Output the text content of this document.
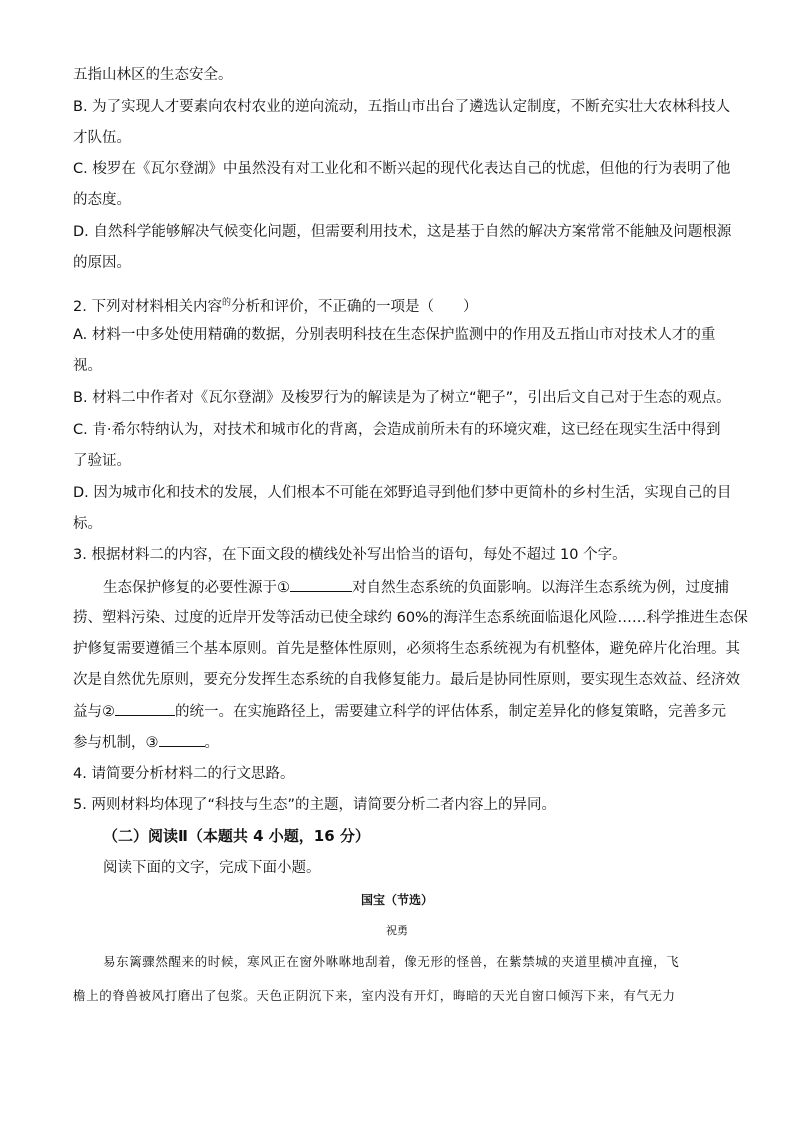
五指山林区的生态安全。
B. 为了实现人才要素向农村农业的逆向流动，五指山市出台了遴选认定制度，不断充实壮大农林科技人
才队伍。
C. 梭罗在《瓦尔登湖》中虽然没有对工业化和不断兴起的现代化表达自己的忧虑，但他的行为表明了他
的态度。
D. 自然科学能够解决气候变化问题，但需要利用技术，这是基于自然的解决方案常常不能触及问题根源
的原因。
2. 下列对材料相关内容$^的$分析和评价，不正确的一项是（　　）
A. 材料一中多处使用精确的数据，分别表明科技在生态保护监测中的作用及五指山市对技术人才的重
视。
B. 材料二中作者对《瓦尔登湖》及梭罗行为的解读是为了树立“靶子”，引出后文自己对于生态的观点。
C. 肯·希尔特纳认为，对技术和城市化的背离，会造成前所未有的环境灾难，这已经在现实生活中得到
了验证。
D. 因为城市化和技术的发展，人们根本不可能在郊野追寻到他们梦中更简朴的乡村生活，实现自己的目
标。
3. 根据材料二的内容，在下面文段的横线处补写出恰当的语句，每处不超过 10 个字。
生态保护修复的必要性源于①	对自然生态系统的负面影响。以海洋生态系统为例，过度捕
捞、塑料污染、过度的近岸开发等活动已使全球约 60%的海洋生态系统面临退化风险……科学推进生态保
护修复需要遵循三个基本原则。首先是整体性原则，必须将生态系统视为有机整体，避免碎片化治理。其
次是自然优先原则，要充分发挥生态系统的自我修复能力。最后是协同性原则，要实现生态效益、经济效
益与②	的统一。在实施路径上，需要建立科学的评估体系，制定差异化的修复策略，完善多元
参与机制，③	。
4. 请简要分析材料二的行文思路。
5. 两则材料均体现了“科技与生态”的主题，请简要分析二者内容上的异同。
（二）阅读Ⅱ（本题共 4 小题，16 分）
阅读下面的文字，完成下面小题。
国宝（节选）
祝勇
易东篱骤然醒来的时候，寒风正在窗外咻咻地刮着，像无形的怪兽，在紫禁城的夹道里横冲直撞，飞
檐上的脊兽被风打磨出了包浆。天色正阴沉下来，室内没有开灯，晦暗的天光自窗口倾泻下来，有气无力
